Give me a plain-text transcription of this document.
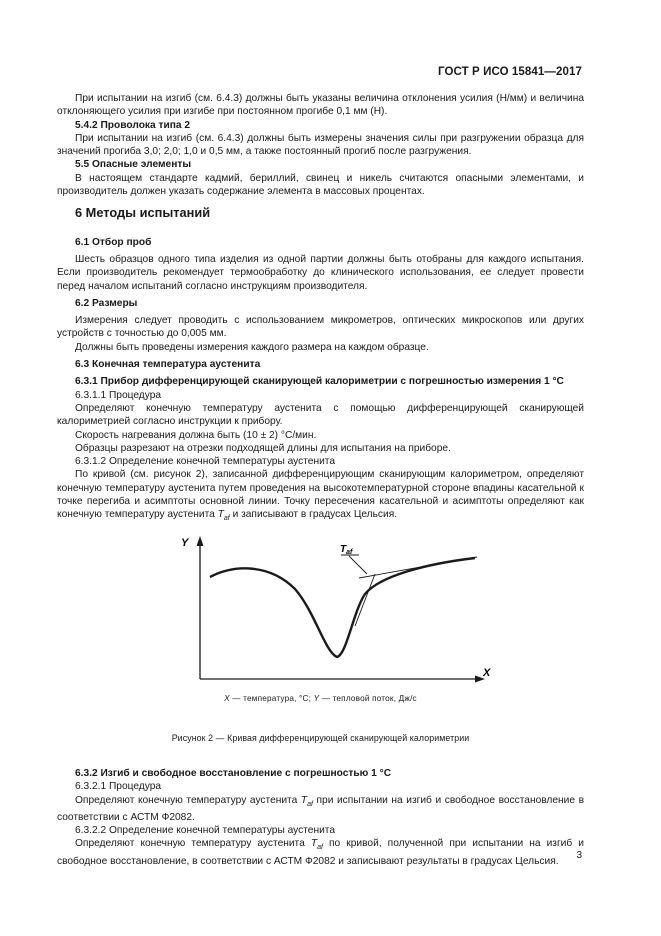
ГОСТ Р ИСО 15841—2017

При испытании на изгиб (см. 6.4.3) должны быть указаны величина отклонения усилия (Н/мм) и величина отклоняющего усилия при изгибе при постоянном прогибе 0,1 мм (Н).

5.4.2 Проволока типа 2

При испытании на изгиб (см. 6.4.3) должны быть измерены значения силы при разгружении образца для значений прогиба 3,0; 2,0; 1,0 и 0,5 мм, а также постоянный прогиб после разгружения.

5.5 Опасные элементы

В настоящем стандарте кадмий, бериллий, свинец и никель считаются опасными элементами, и производитель должен указать содержание элемента в массовых процентах.

6 Методы испытаний

6.1 Отбор проб

Шесть образцов одного типа изделия из одной партии должны быть отобраны для каждого испытания. Если производитель рекомендует термообработку до клинического использования, ее следует провести перед началом испытаний согласно инструкциям производителя.

6.2 Размеры

Измерения следует проводить с использованием микрометров, оптических микроскопов или других устройств с точностью до 0,005 мм.

Должны быть проведены измерения каждого размера на каждом образце.

6.3 Конечная температура аустенита

6.3.1 Прибор дифференцирующей сканирующей калориметрии с погрешностью измерения 1 °С

6.3.1.1 Процедура

Определяют конечную температуру аустенита с помощью дифференцирующей сканирующей калориметрией согласно инструкции к прибору.

Скорость нагревания должна быть (10 ± 2) °С/мин.

Образцы разрезают на отрезки подходящей длины для испытания на приборе.

6.3.1.2 Определение конечной температуры аустенита

По кривой (см. рисунок 2), записанной дифференцирующим сканирующим калориметром, определяют конечную температуру аустенита путем проведения на высокотемпературной стороне впадины касательной к точке перегиба и асимптоты основной линии. Точку пересечения касательной и асимптоты определяют как конечную температуру аустенита $T_{af}$ и записывают в градусах Цельсия.

Y
X
$T_{af}$
X — температура, °С; Y — тепловой поток, Дж/с

Рисунок 2 — Кривая дифференцирующей сканирующей калориметрии

6.3.2 Изгиб и свободное восстановление с погрешностью 1 °С

6.3.2.1 Процедура

Определяют конечную температуру аустенита $T_{af}$ при испытании на изгиб и свободное восстановление в соответствии с АСТМ Ф2082.

6.3.2.2 Определение конечной температуры аустенита

Определяют конечную температуру аустенита $T_{af}$ по кривой, полученной при испытании на изгиб и свободное восстановление, в соответствии с АСТМ Ф2082 и записывают результаты в градусах Цельсия.

3
